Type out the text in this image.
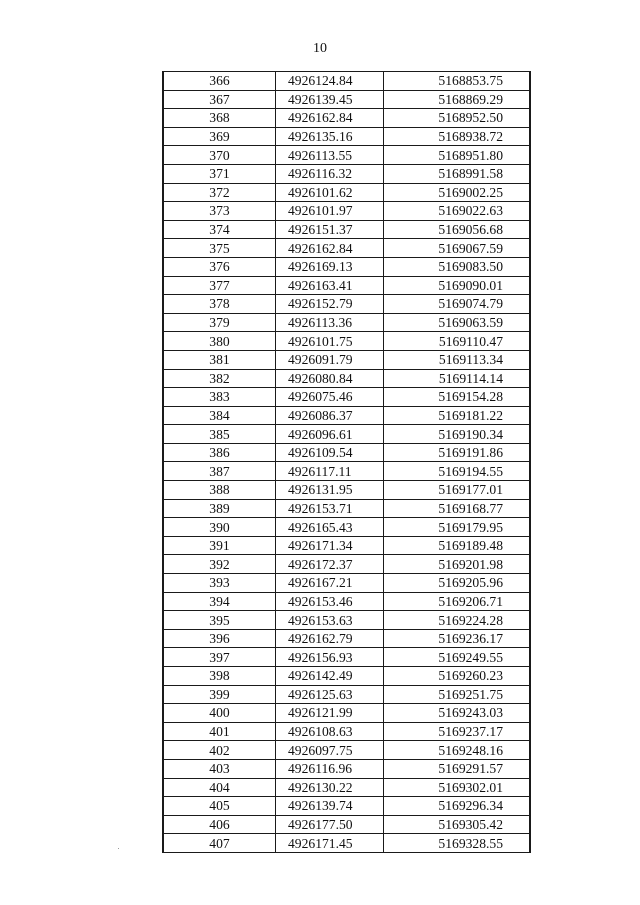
10
366	4926124.84	5168853.75
367	4926139.45	5168869.29
368	4926162.84	5168952.50
369	4926135.16	5168938.72
370	4926113.55	5168951.80
371	4926116.32	5168991.58
372	4926101.62	5169002.25
373	4926101.97	5169022.63
374	4926151.37	5169056.68
375	4926162.84	5169067.59
376	4926169.13	5169083.50
377	4926163.41	5169090.01
378	4926152.79	5169074.79
379	4926113.36	5169063.59
380	4926101.75	5169110.47
381	4926091.79	5169113.34
382	4926080.84	5169114.14
383	4926075.46	5169154.28
384	4926086.37	5169181.22
385	4926096.61	5169190.34
386	4926109.54	5169191.86
387	4926117.11	5169194.55
388	4926131.95	5169177.01
389	4926153.71	5169168.77
390	4926165.43	5169179.95
391	4926171.34	5169189.48
392	4926172.37	5169201.98
393	4926167.21	5169205.96
394	4926153.46	5169206.71
395	4926153.63	5169224.28
396	4926162.79	5169236.17
397	4926156.93	5169249.55
398	4926142.49	5169260.23
399	4926125.63	5169251.75
400	4926121.99	5169243.03
401	4926108.63	5169237.17
402	4926097.75	5169248.16
403	4926116.96	5169291.57
404	4926130.22	5169302.01
405	4926139.74	5169296.34
406	4926177.50	5169305.42
407	4926171.45	5169328.55
